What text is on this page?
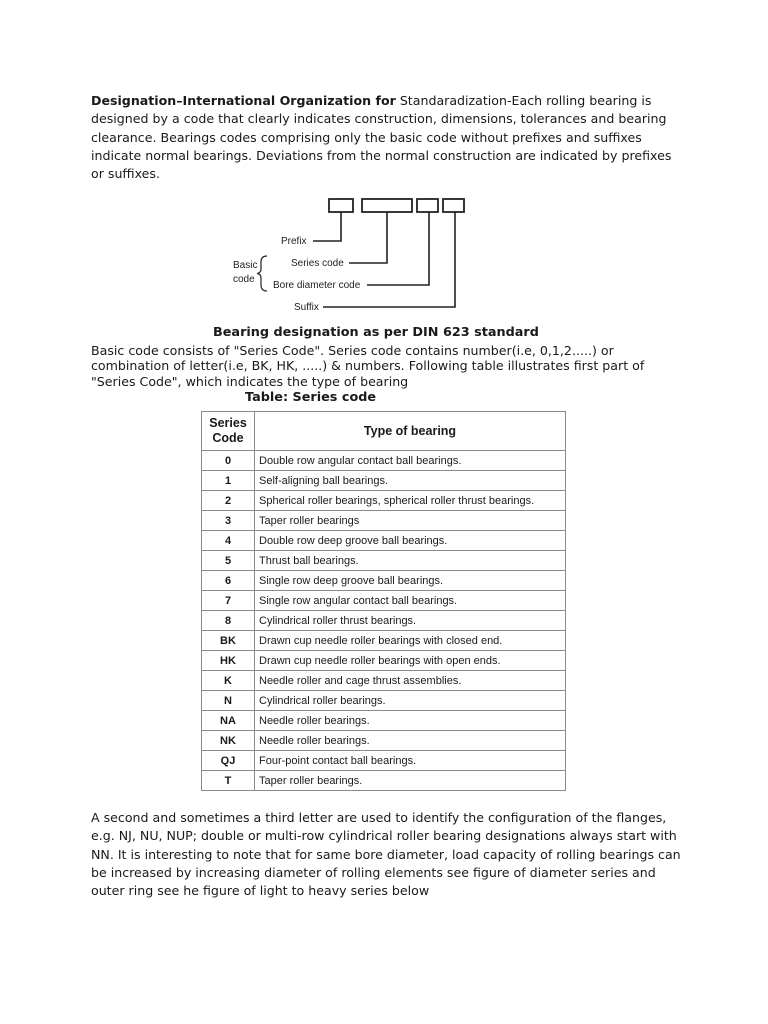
Designation–International Organization for Standaradization-Each rolling bearing is designed by a code that clearly indicates construction, dimensions, tolerances and bearing clearance. Bearings codes comprising only the basic code without prefixes and suffixes indicate normal bearings. Deviations from the normal construction are indicated by prefixes or suffixes.

Prefix
Series code
Bore diameter code
Suffix
Basic
code

Bearing designation as per DIN 623 standard

Basic code consists of "Series Code". Series code contains number(i.e, 0,1,2.....) or

combination of letter(i.e, BK, HK, .....) & numbers. Following table illustrates first part of

"Series Code", which indicates the type of bearing

Table: Series code

Series
Code	Type of bearing
0	Double row angular contact ball bearings.
1	Self-aligning ball bearings.
2	Spherical roller bearings, spherical roller thrust bearings.
3	Taper roller bearings
4	Double row deep groove ball bearings.
5	Thrust ball bearings.
6	Single row deep groove ball bearings.
7	Single row angular contact ball bearings.
8	Cylindrical roller thrust bearings.
BK	Drawn cup needle roller bearings with closed end.
HK	Drawn cup needle roller bearings with open ends.
K	Needle roller and cage thrust assemblies.
N	Cylindrical roller bearings.
NA	Needle roller bearings.
NK	Needle roller bearings.
QJ	Four-point contact ball bearings.
T	Taper roller bearings.

A second and sometimes a third letter are used to identify the configuration of the flanges, e.g. NJ, NU, NUP; double or multi-row cylindrical roller bearing designations always start with NN. It is interesting to note that for same bore diameter, load capacity of rolling bearings can be increased by increasing diameter of rolling elements see figure of diameter series and outer ring see he figure of light to heavy series below
